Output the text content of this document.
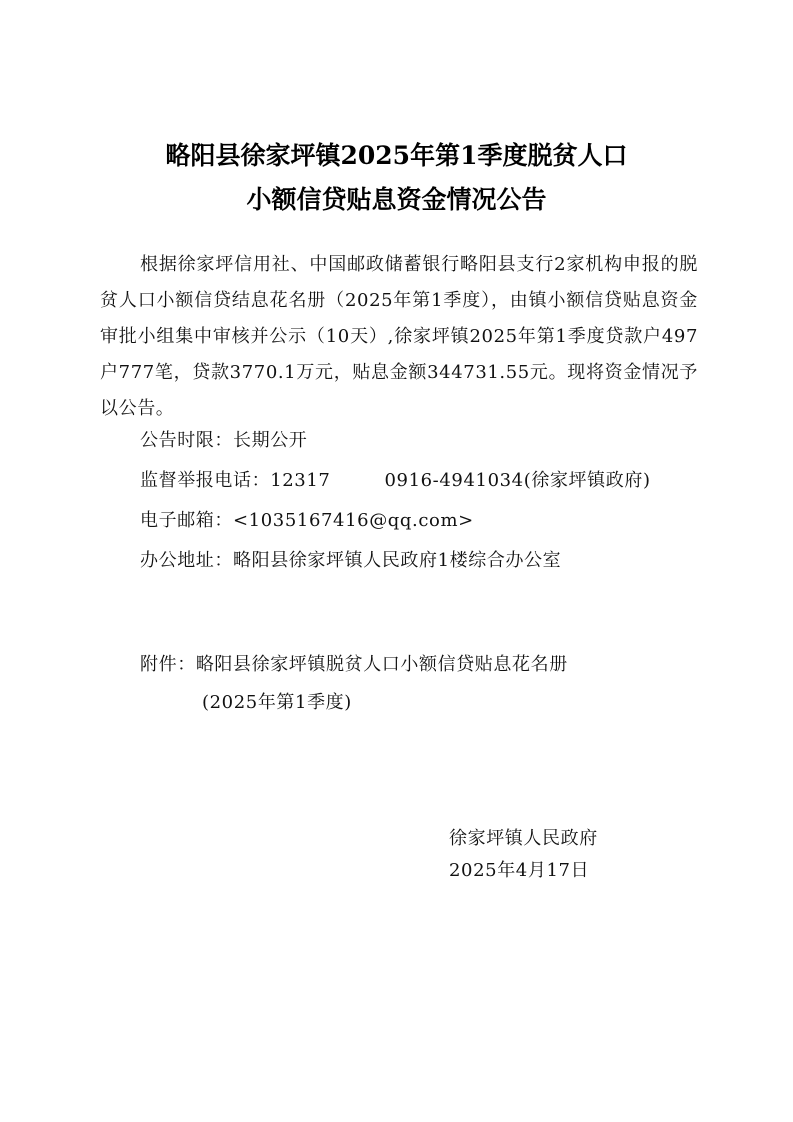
略阳县徐家坪镇2025年第1季度脱贫人口
小额信贷贴息资金情况公告
根据徐家坪信用社、中国邮政储蓄银行略阳县支行2家机构申报的脱贫人口小额信贷结息花名册（2025年第1季度），由镇小额信贷贴息资金审批小组集中审核并公示（10天）,徐家坪镇2025年第1季度贷款户497户777笔，贷款3770.1万元，贴息金额344731.55元。现将资金情况予以公告。
公告时限：长期公开
监督举报电话：12317	0916-4941034(徐家坪镇政府)
电子邮箱：<1035167416@qq.com>
办公地址：略阳县徐家坪镇人民政府1楼综合办公室
附件：略阳县徐家坪镇脱贫人口小额信贷贴息花名册
(2025年第1季度)
徐家坪镇人民政府
2025年4月17日
